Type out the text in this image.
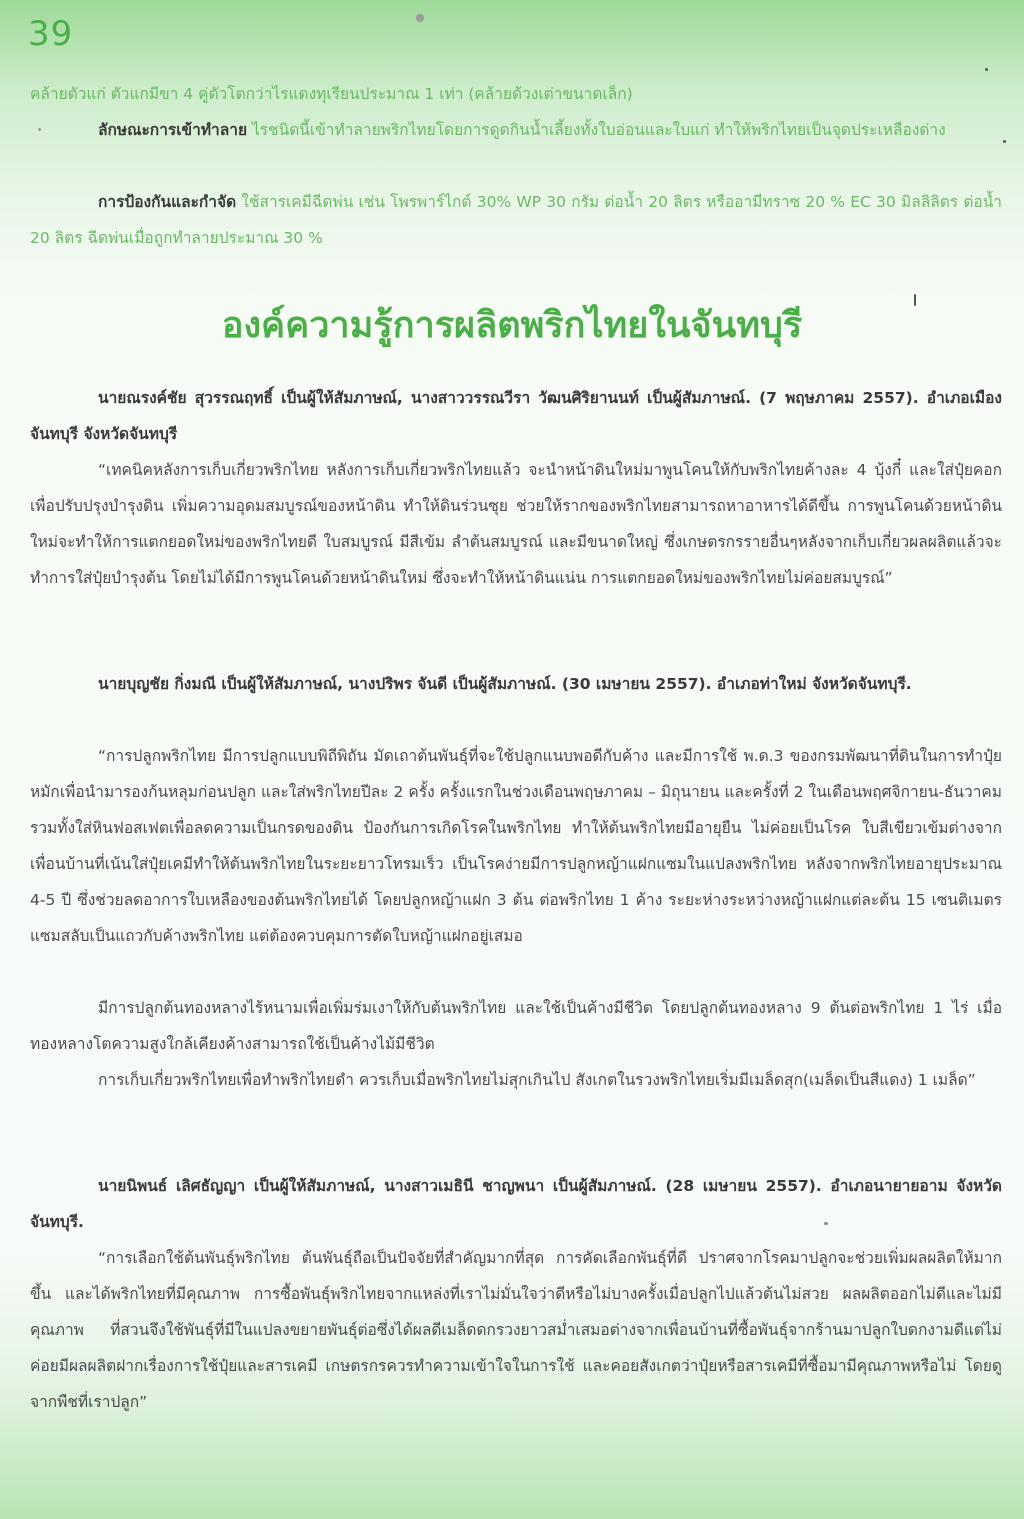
39

คล้ายตัวแก่ ตัวแกมีขา 4 คู่ตัวโตกว่าไรแดงทุเรียนประมาณ 1 เท่า (คล้ายด้วงเต่าขนาดเล็ก)

ลักษณะการเข้าทำลาย ไรชนิดนี้เข้าทำลายพริกไทยโดยการดูดกินน้ำเลี้ยงทั้งใบอ่อนและใบแก่ ทำให้พริกไทยเป็นจุดประเหลืองด่าง

การป้องกันและกำจัด ใช้สารเคมีฉีดพ่น เช่น โพรพาร์ไกต์ 30% WP 30 กรัม ต่อน้ำ 20 ลิตร หรืออามีทราซ 20 % EC 30 มิลลิลิตร ต่อน้ำ 20 ลิตร ฉีดพ่นเมื่อถูกทำลายประมาณ 30 %

องค์ความรู้การผลิตพริกไทยในจันทบุรี

นายณรงค์ชัย สุวรรณฤทธิ์ เป็นผู้ให้สัมภาษณ์, นางสาววรรณวีรา วัฒนศิริยานนท์ เป็นผู้สัมภาษณ์. (7 พฤษภาคม 2557). อำเภอเมืองจันทบุรี จังหวัดจันทบุรี

“เทคนิคหลังการเก็บเกี่ยวพริกไทย หลังการเก็บเกี่ยวพริกไทยแล้ว จะนำหน้าดินใหม่มาพูนโคนให้กับพริกไทยค้างละ 4 บุ้งกี๋ และใส่ปุ๋ยคอกเพื่อปรับปรุงบำรุงดิน เพิ่มความอุดมสมบูรณ์ของหน้าดิน ทำให้ดินร่วนซุย ช่วยให้รากของพริกไทยสามารถหาอาหารได้ดีขึ้น การพูนโคนด้วยหน้าดินใหม่จะทำให้การแตกยอดใหม่ของพริกไทยดี ใบสมบูรณ์ มีสีเข้ม ลำต้นสมบูรณ์ และมีขนาดใหญ่ ซึ่งเกษตรกรรายอื่นๆหลังจากเก็บเกี่ยวผลผลิตแล้วจะทำการใส่ปุ๋ยบำรุงต้น โดยไม่ได้มีการพูนโคนด้วยหน้าดินใหม่ ซึ่งจะทำให้หน้าดินแน่น การแตกยอดใหม่ของพริกไทยไม่ค่อยสมบูรณ์”

นายบุญชัย กิ่งมณี เป็นผู้ให้สัมภาษณ์, นางปริพร จันดี เป็นผู้สัมภาษณ์. (30 เมษายน 2557). อำเภอท่าใหม่ จังหวัดจันทบุรี.

“การปลูกพริกไทย มีการปลูกแบบพิถีพิถัน มัดเถาต้นพันธุ์ที่จะใช้ปลูกแนบพอดีกับค้าง และมีการใช้ พ.ด.3 ของกรมพัฒนาที่ดินในการทำปุ๋ยหมักเพื่อนำมารองก้นหลุมก่อนปลูก และใส่พริกไทยปีละ 2 ครั้ง ครั้งแรกในช่วงเดือนพฤษภาคม – มิถุนายน และครั้งที่ 2 ในเดือนพฤศจิกายน-ธันวาคม รวมทั้งใส่หินฟอสเฟตเพื่อลดความเป็นกรดของดิน ป้องกันการเกิดโรคในพริกไทย ทำให้ต้นพริกไทยมีอายุยืน ไม่ค่อยเป็นโรค ใบสีเขียวเข้มต่างจากเพื่อนบ้านที่เน้นใส่ปุ๋ยเคมีทำให้ต้นพริกไทยในระยะยาวโทรมเร็ว เป็นโรคง่ายมีการปลูกหญ้าแฝกแซมในแปลงพริกไทย หลังจากพริกไทยอายุประมาณ 4-5 ปี ซึ่งช่วยลดอาการใบเหลืองของต้นพริกไทยได้ โดยปลูกหญ้าแฝก 3 ต้น ต่อพริกไทย 1 ค้าง ระยะห่างระหว่างหญ้าแฝกแต่ละต้น 15 เซนติเมตร แซมสลับเป็นแถวกับค้างพริกไทย แต่ต้องควบคุมการตัดใบหญ้าแฝกอยู่เสมอ

มีการปลูกต้นทองหลางไร้หนามเพื่อเพิ่มร่มเงาให้กับต้นพริกไทย และใช้เป็นค้างมีชีวิต โดยปลูกต้นทองหลาง 9 ต้นต่อพริกไทย 1 ไร่ เมื่อทองหลางโตความสูงใกล้เคียงค้างสามารถใช้เป็นค้างไม้มีชีวิต

การเก็บเกี่ยวพริกไทยเพื่อทำพริกไทยดำ ควรเก็บเมื่อพริกไทยไม่สุกเกินไป สังเกตในรวงพริกไทยเริ่มมีเมล็ดสุก(เมล็ดเป็นสีแดง) 1 เมล็ด”

นายนิพนธ์ เลิศธัญญา เป็นผู้ให้สัมภาษณ์, นางสาวเมธินี ชาญพนา เป็นผู้สัมภาษณ์. (28 เมษายน 2557). อำเภอนายายอาม จังหวัดจันทบุรี.

“การเลือกใช้ต้นพันธุ์พริกไทย ต้นพันธุ์ถือเป็นปัจจัยที่สำคัญมากที่สุด การคัดเลือกพันธุ์ที่ดี ปราศจากโรคมาปลูกจะช่วยเพิ่มผลผลิตให้มากขึ้น และได้พริกไทยที่มีคุณภาพ การซื้อพันธุ์พริกไทยจากแหล่งที่เราไม่มั่นใจว่าดีหรือไม่บางครั้งเมื่อปลูกไปแล้วต้นไม่สวย ผลผลิตออกไม่ดีและไม่มีคุณภาพ ที่สวนจึงใช้พันธุ์ที่มีในแปลงขยายพันธุ์ต่อซึ่งได้ผลดีเมล็ดดกรวงยาวสม่ำเสมอต่างจากเพื่อนบ้านที่ซื้อพันธุ์จากร้านมาปลูกใบดกงามดีแต่ไม่ค่อยมีผลผลิตฝากเรื่องการใช้ปุ๋ยและสารเคมี เกษตรกรควรทำความเข้าใจในการใช้ และคอยสังเกตว่าปุ๋ยหรือสารเคมีที่ซื้อมามีคุณภาพหรือไม่ โดยดูจากพืชที่เราปลูก”
